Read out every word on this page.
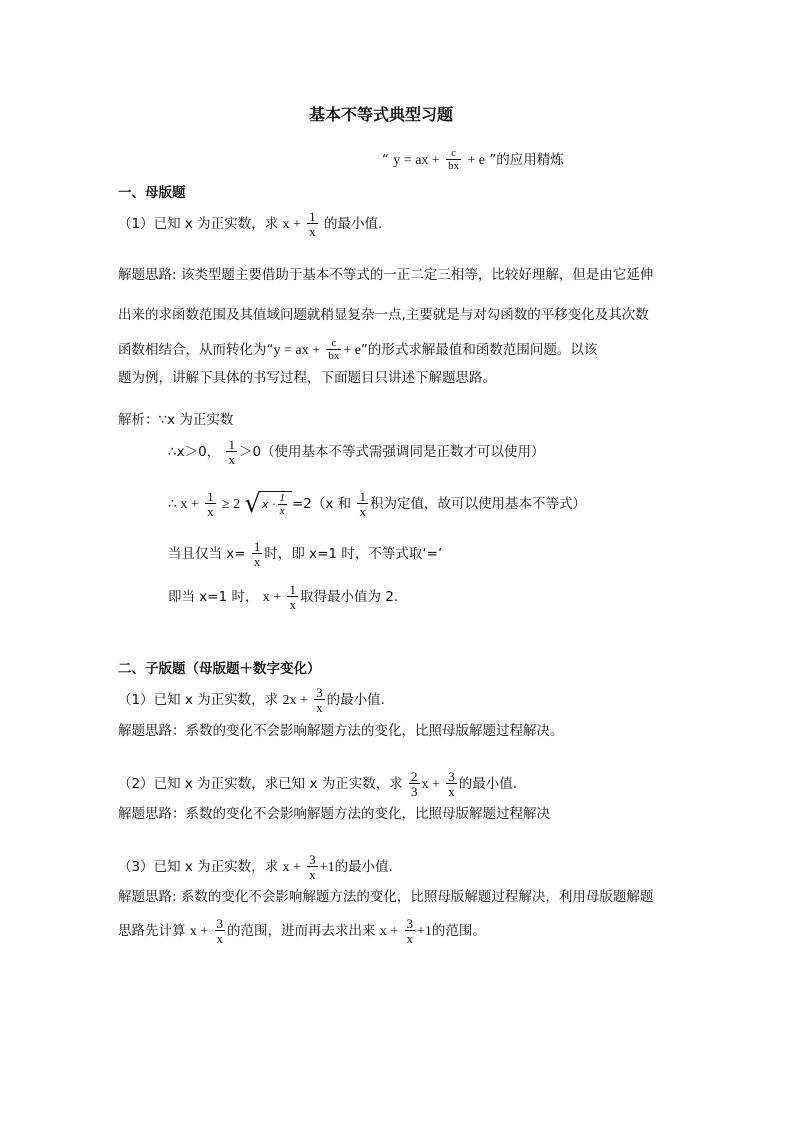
基本不等式典型习题
“ y = ax + $\frac{c}{bx} + e$ ”的应用精炼
一、母版题
（1）已知 x 为正实数，求 $x + \frac{1}{x}$ 的最小值.
解题思路: 该类型题主要借助于基本不等式的一正二定三相等，比较好理解，但是由它延伸
出来的求函数范围及其值域问题就稍显复杂一点,主要就是与对勾函数的平移变化及其次数
函数相结合，从而转化为“y = ax + $\frac{c}{bx} + e$”的形式求解最值和函数范围问题。以该
题为例，讲解下具体的书写过程，下面题目只讲述下解题思路。
解析：∵x 为正实数
∴x＞0， $\frac{1}{x} >0$（使用基本不等式需强调同是正数才可以使用）
∴ $x + \frac{1}{x} \ge 2$ √ $x \cdot \frac{1}{x} =2(x$ 和 $\frac{1}{x}$ 积为定值，故可以使用基本不等式）
当且仅当 $x= \frac{1}{x}$ 时，即 x=1 时，不等式取‘=’
即当 x=1 时， $x + \frac{1}{x}$ 取得最小值为 2.
二、子版题（母版题＋数字变化）
（1）已知 x 为正实数，求 $2x + \frac{3}{x}$ 的最小值.
解题思路：系数的变化不会影响解题方法的变化，比照母版解题过程解决。
（2）已知 x 为正实数，求已知 x 为正实数，求 $\frac{2}{3}$ $x + \frac{3}{x}$ 的最小值.
解题思路：系数的变化不会影响解题方法的变化，比照母版解题过程解决
（3）已知 x 为正实数，求 $x + \frac{3}{x} +1$的最小值.
解题思路: 系数的变化不会影响解题方法的变化，比照母版解题过程解决，利用母版题解题
思路先计算 $x + \frac{3}{x}$ 的范围，进而再去求出来 $x + \frac{3}{x} +1$的范围。
